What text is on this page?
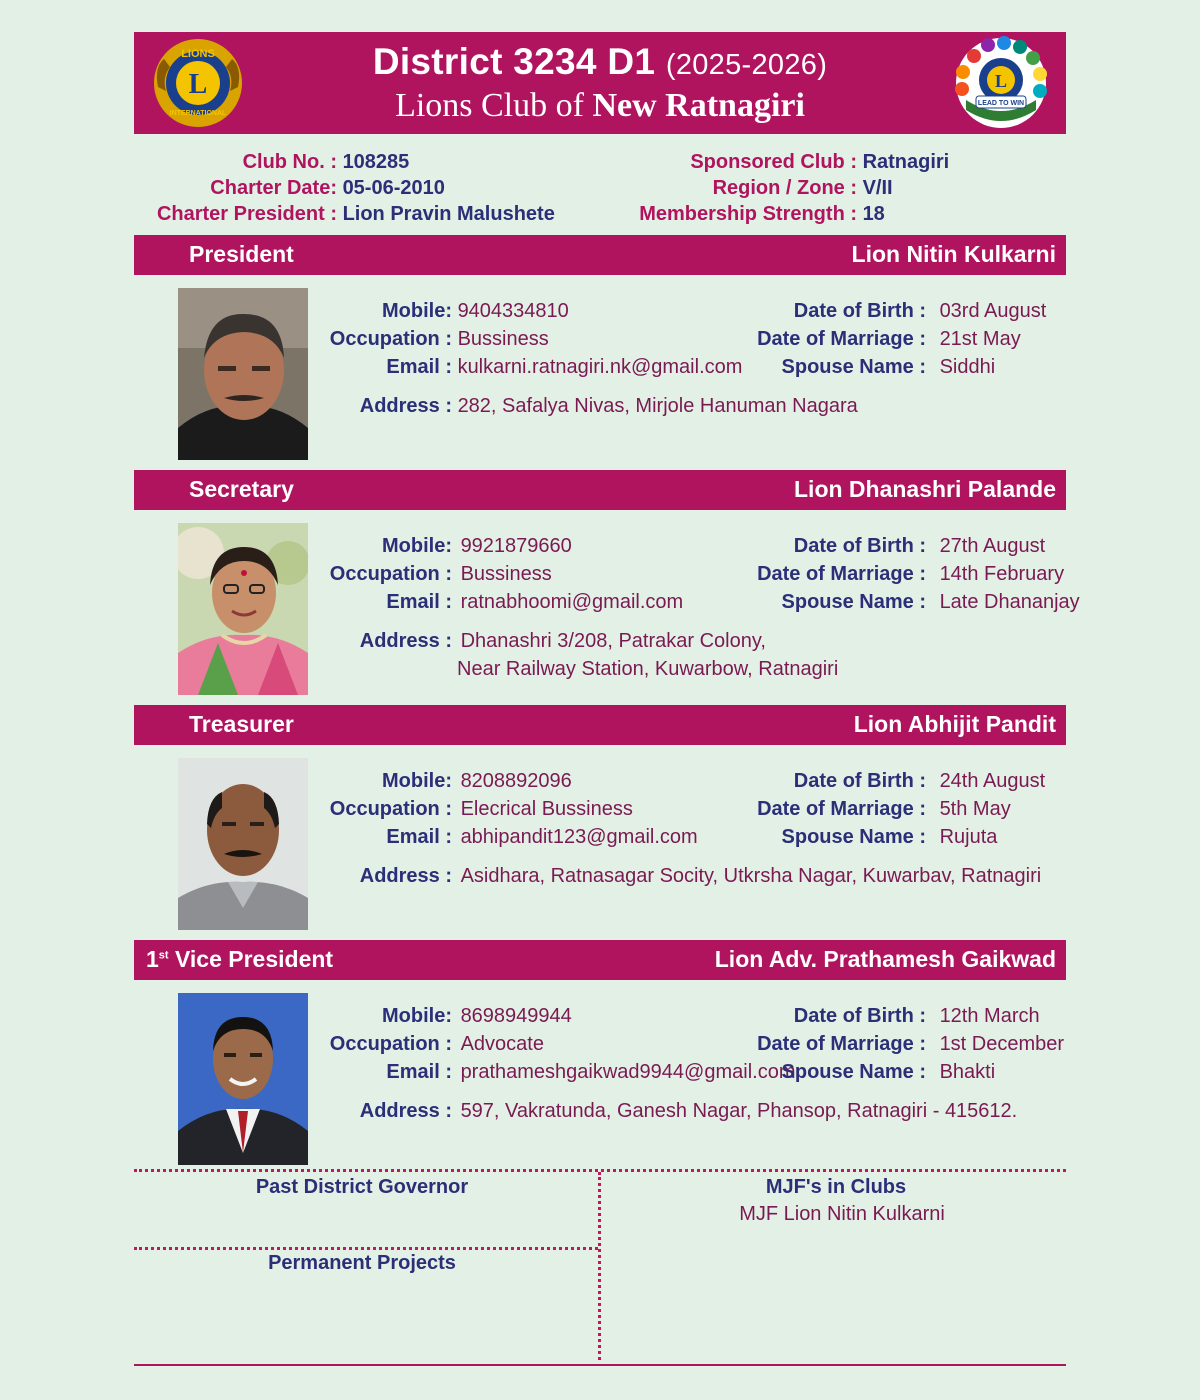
L
LIONS
INTERNATIONAL
District 3234 D1 (2025-2026)
Lions Club of New Ratnagiri
L
LEAD TO WIN
Club No. : 108285
Charter Date: 05-06-2010
Charter President : Lion Pravin Malushete
Sponsored Club : Ratnagiri
Region / Zone : V/II
Membership Strength : 18
President	Lion Nitin Kulkarni
Mobile: 9404334810
Occupation : Bussiness
Email : kulkarni.ratnagiri.nk@gmail.com
Address : 282, Safalya Nivas, Mirjole Hanuman Nagara
Date of Birth : 03rd August
Date of Marriage : 21st May
Spouse Name : Siddhi
Secretary	Lion Dhanashri Palande
Mobile: 9921879660
Occupation : Bussiness
Email : ratnabhoomi@gmail.com
Address : Dhanashri 3/208, Patrakar Colony,
Near Railway Station, Kuwarbow, Ratnagiri
Date of Birth : 27th August
Date of Marriage : 14th February
Spouse Name : Late Dhananjay
Treasurer	Lion Abhijit Pandit
Mobile: 8208892096
Occupation : Elecrical Bussiness
Email : abhipandit123@gmail.com
Address : Asidhara, Ratnasagar Socity, Utkrsha Nagar, Kuwarbav, Ratnagiri
Date of Birth : 24th August
Date of Marriage : 5th May
Spouse Name : Rujuta
1st Vice President	Lion Adv. Prathamesh Gaikwad
Mobile: 8698949944
Occupation : Advocate
Email : prathameshgaikwad9944@gmail.com
Address : 597, Vakratunda, Ganesh Nagar, Phansop, Ratnagiri - 415612.
Date of Birth : 12th March
Date of Marriage : 1st December
Spouse Name : Bhakti
Past District Governor
Permanent Projects
MJF's in Clubs
MJF Lion Nitin Kulkarni
